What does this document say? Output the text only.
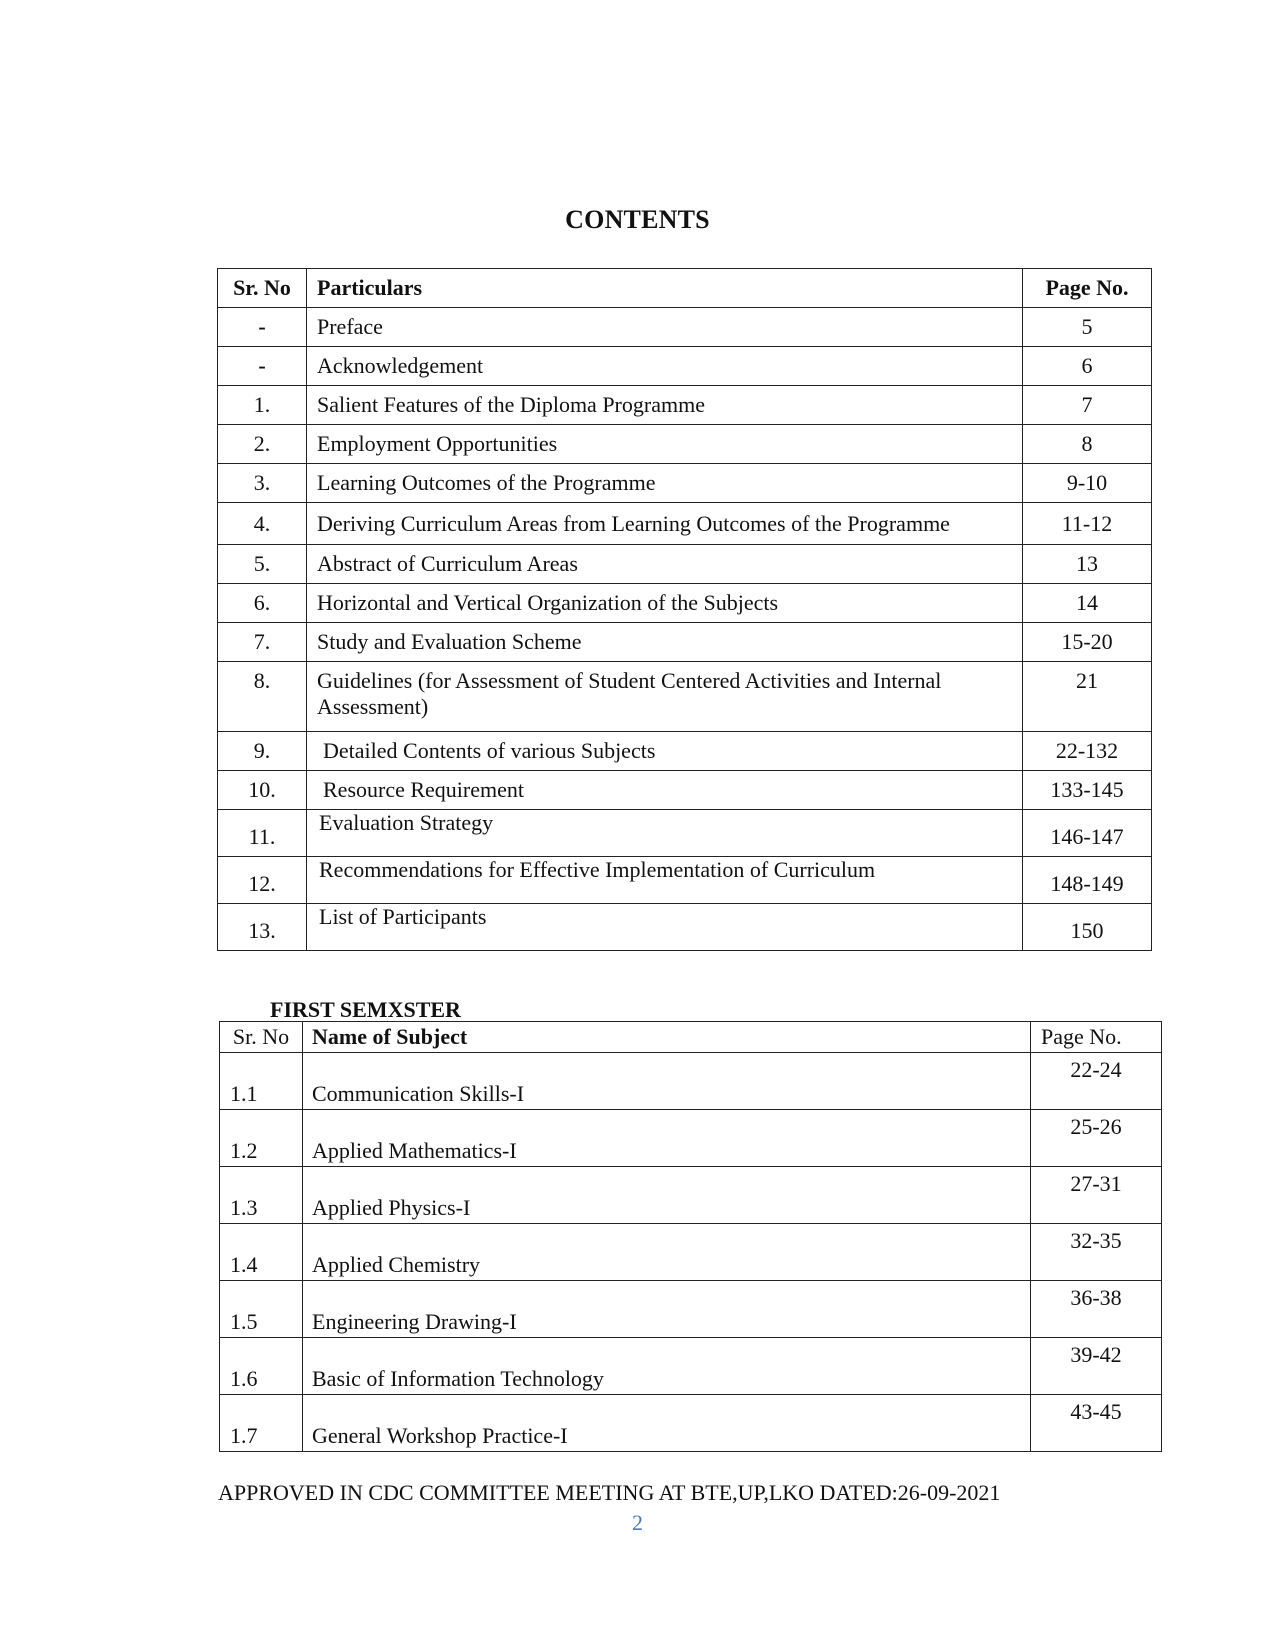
CONTENTS
Sr. No	Particulars	Page No.
-	Preface	5
-	Acknowledgement	6
1.	Salient Features of the Diploma Programme	7
2.	Employment Opportunities	8
3.	Learning Outcomes of the Programme	9-10
4.	Deriving Curriculum Areas from Learning Outcomes of the Programme	11-12
5.	Abstract of Curriculum Areas	13
6.	Horizontal and Vertical Organization of the Subjects	14
7.	Study and Evaluation Scheme	15-20
8.	Guidelines (for Assessment of Student Centered Activities and Internal Assessment)	21
9.	Detailed Contents of various Subjects	22-132
10.	Resource Requirement	133-145
11.	Evaluation Strategy	146-147
12.	Recommendations for Effective Implementation of Curriculum	148-149
13.	List of Participants	150
FIRST SEMXSTER
Sr. No	Name of Subject	Page No.
1.1	Communication Skills-I	22-24
1.2	Applied Mathematics-I	25-26
1.3	Applied Physics-I	27-31
1.4	Applied Chemistry	32-35
1.5	Engineering Drawing-I	36-38
1.6	Basic of Information Technology	39-42
1.7	General Workshop Practice-I	43-45
APPROVED IN CDC COMMITTEE MEETING AT BTE,UP,LKO DATED:26-09-2021
2
